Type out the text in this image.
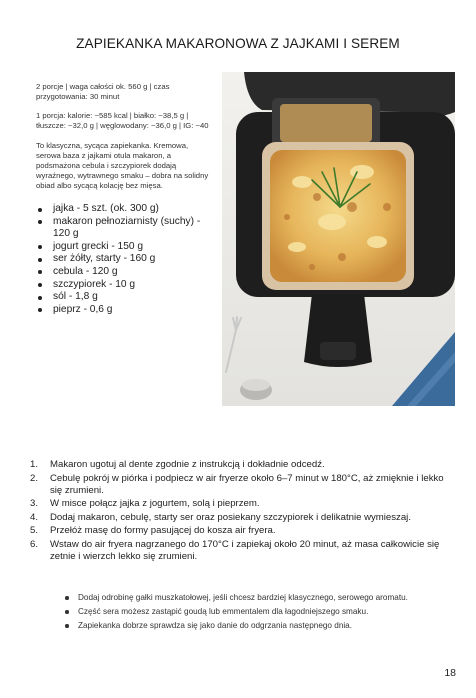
ZAPIEKANKA MAKARONOWA Z JAJKAMI I SEREM

2 porcje | waga całości ok. 560 g | czas przygotowania: 30 minut

1 porcja: kalorie: ~585 kcal | białko: ~38,5 g | tłuszcze: ~32,0 g | węglowodany: ~36,0 g | IG: ~40

To klasyczna, sycąca zapiekanka. Kremowa, serowa baza z jajkami otula makaron, a podsmażona cebula i szczypiorek dodają wyraźnego, wytrawnego smaku – dobra na solidny obiad albo sycącą kolację bez mięsa.

jajka - 5 szt. (ok. 300 g)
makaron pełnoziarnisty (suchy) - 120 g
jogurt grecki - 150 g
ser żółty, starty - 160 g
cebula - 120 g
szczypiorek - 10 g
sól - 1,8 g
pieprz - 0,6 g
1. Makaron ugotuj al dente zgodnie z instrukcją i dokładnie odcedź.
2. Cebulę pokrój w piórka i podpiecz w air fryerze około 6–7 minut w 180°C, aż zmięknie i lekko się zrumieni.
3. W misce połącz jajka z jogurtem, solą i pieprzem.
4. Dodaj makaron, cebulę, starty ser oraz posiekany szczypiorek i delikatnie wymieszaj.
5. Przełóż masę do formy pasującej do kosza air fryera.
6. Wstaw do air fryera nagrzanego do 170°C i zapiekaj około 20 minut, aż masa całkowicie się zetnie i wierzch lekko się zrumieni.
Dodaj odrobinę gałki muszkatołowej, jeśli chcesz bardziej klasycznego, serowego aromatu.
Część sera możesz zastąpić goudą lub emmentalem dla łagodniejszego smaku.
Zapiekanka dobrze sprawdza się jako danie do odgrzania następnego dnia.
18
